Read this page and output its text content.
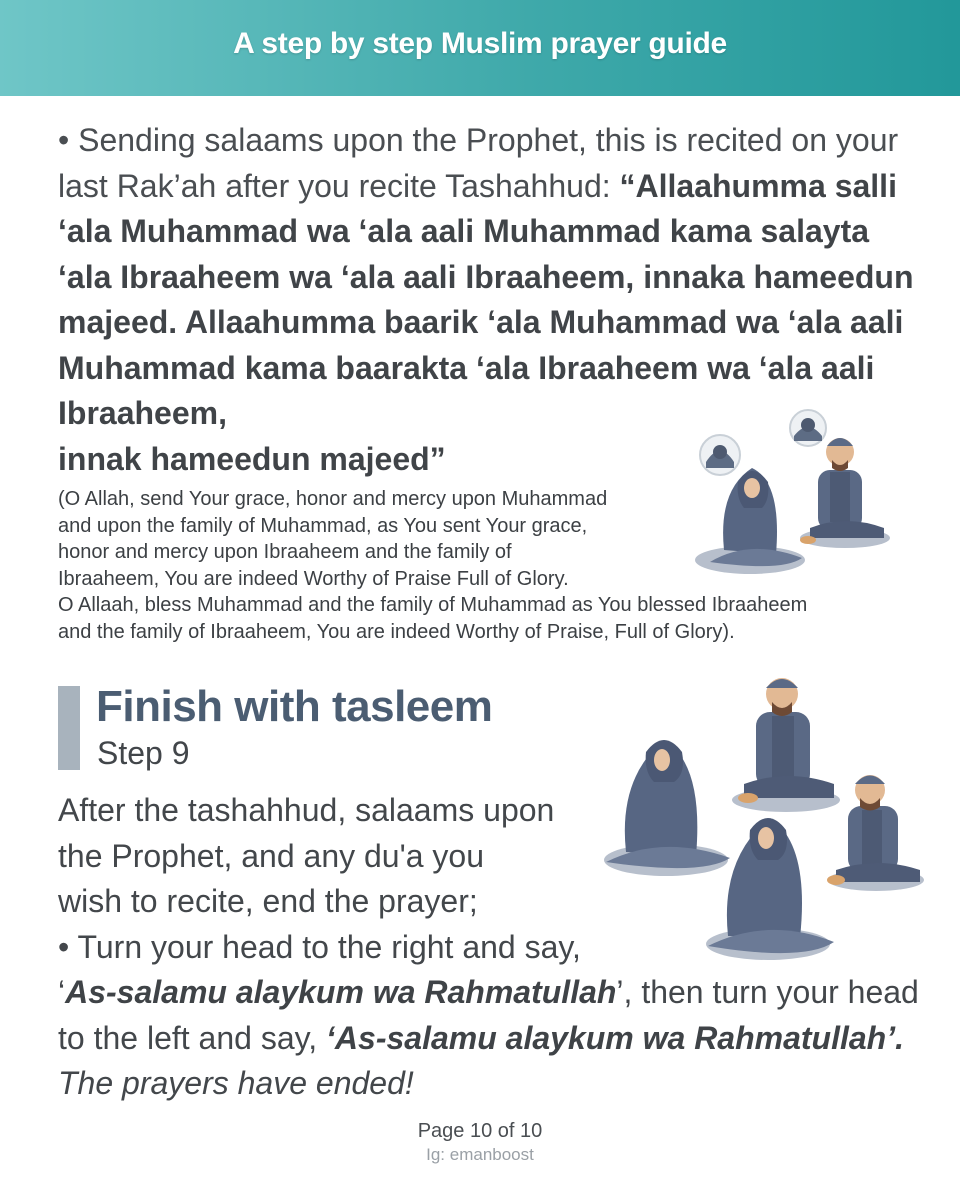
A step by step Muslim prayer guide
• Sending salaams upon the Prophet, this is recited on your last Rak’ah after you recite Tashahhud: “Allaahumma salli ‘ala Muhammad wa ‘ala aali Muhammad kama salayta ‘ala Ibraaheem wa ‘ala aali Ibraaheem, innaka hameedun majeed. Allaahumma baarik ‘ala Muhammad wa ‘ala aali Muhammad kama baarakta ‘ala Ibraaheem wa ‘ala aali Ibraaheem,
innak hameedun majeed”
(O Allah, send Your grace, honor and mercy upon Muhammad
and upon the family of Muhammad, as You sent Your grace,
honor and mercy upon Ibraaheem and the family of
Ibraaheem, You are indeed Worthy of Praise Full of Glory.
O Allaah, bless Muhammad and the family of Muhammad as You blessed Ibraaheem
and the family of Ibraaheem, You are indeed Worthy of Praise, Full of Glory).
Finish with tasleem
Step 9
After the tashahhud, salaams upon
the Prophet, and any du'a you
wish to recite, end the prayer;
• Turn your head to the right and say,
‘As-salamu alaykum wa Rahmatullah’, then turn your head to the left and say, ‘As-salamu alaykum wa Rahmatullah’. The prayers have ended!
Page 10 of 10
Ig: emanboost
